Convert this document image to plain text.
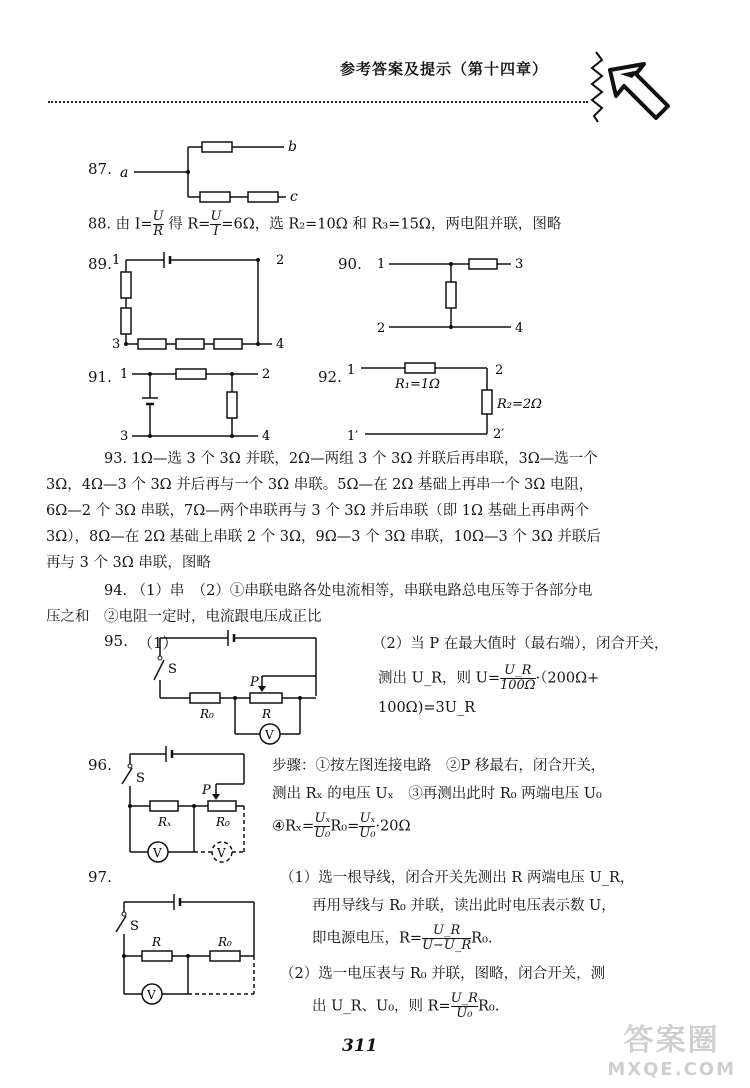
参考答案及提示（第十四章）
87. a
b
c
88. 由 $I= \frac{U}{R}$ 得 $R= \frac{U}{I} =6\Omega$，选 R₂=10Ω 和 R₃=15Ω，两电阻并联，图略
89. 1	2
3	4
90. 1
2
3
4
91. 1	2
3	4
92. 1	2
1′	2′
R₁=1Ω
R₂=2Ω
93. 1Ω—选 3 个 3Ω 并联，2Ω—两组 3 个 3Ω 并联后再串联，3Ω—选一个
3Ω，4Ω—3 个 3Ω 并后再与一个 3Ω 串联。5Ω—在 2Ω 基础上再串一个 3Ω 电阻，
6Ω—2 个 3Ω 串联，7Ω—两个串联再与 3 个 3Ω 并后串联（即 1Ω 基础上再串两个
3Ω），8Ω—在 2Ω 基础上串联 2 个 3Ω，9Ω—3 个 3Ω 串联，10Ω—3 个 3Ω 并联后
再与 3 个 3Ω 串联，图略
94. （1）串　（2）①串联电路各处电流相等，串联电路总电压等于各部分电
压之和　②电阻一定时，电流跟电压成正比
95. （1）
S
R₀	R
P
V
（2）当 P 在最大值时（最右端），闭合开关，
测出 U_R，则 $U= \frac{U\_R}{100\Omega} \cdot(200\Omega+$
100Ω)=3U_R
96.
S
Rₓ	R₀
P
V	V
步骤：①按左图连接电路　②P 移最右，闭合开关，
测出 Rₓ 的电压 Uₓ　③再测出此时 R₀ 两端电压 U₀
④Rₓ= $\frac{\text{Uₓ}}{\text{U₀}} R_0= \frac{\text{Uₓ}}{\text{U₀}} \cdot 20\Omega$
97.
S
R	R₀
V
（1）选一根导线，闭合开关先测出 R 两端电压 U_R，
再用导线与 R₀ 并联，读出此时电压表示数 U，
即电源电压，$R= \frac{U\_R}{U-U\_R} R_0$.
（2）选一电压表与 R₀ 并联，图略，闭合开关，测
出 U_R、U₀，则 $R= \frac{U\_R}{\text{U₀}} R_0$.
311	答案圈
MXQE.COM
